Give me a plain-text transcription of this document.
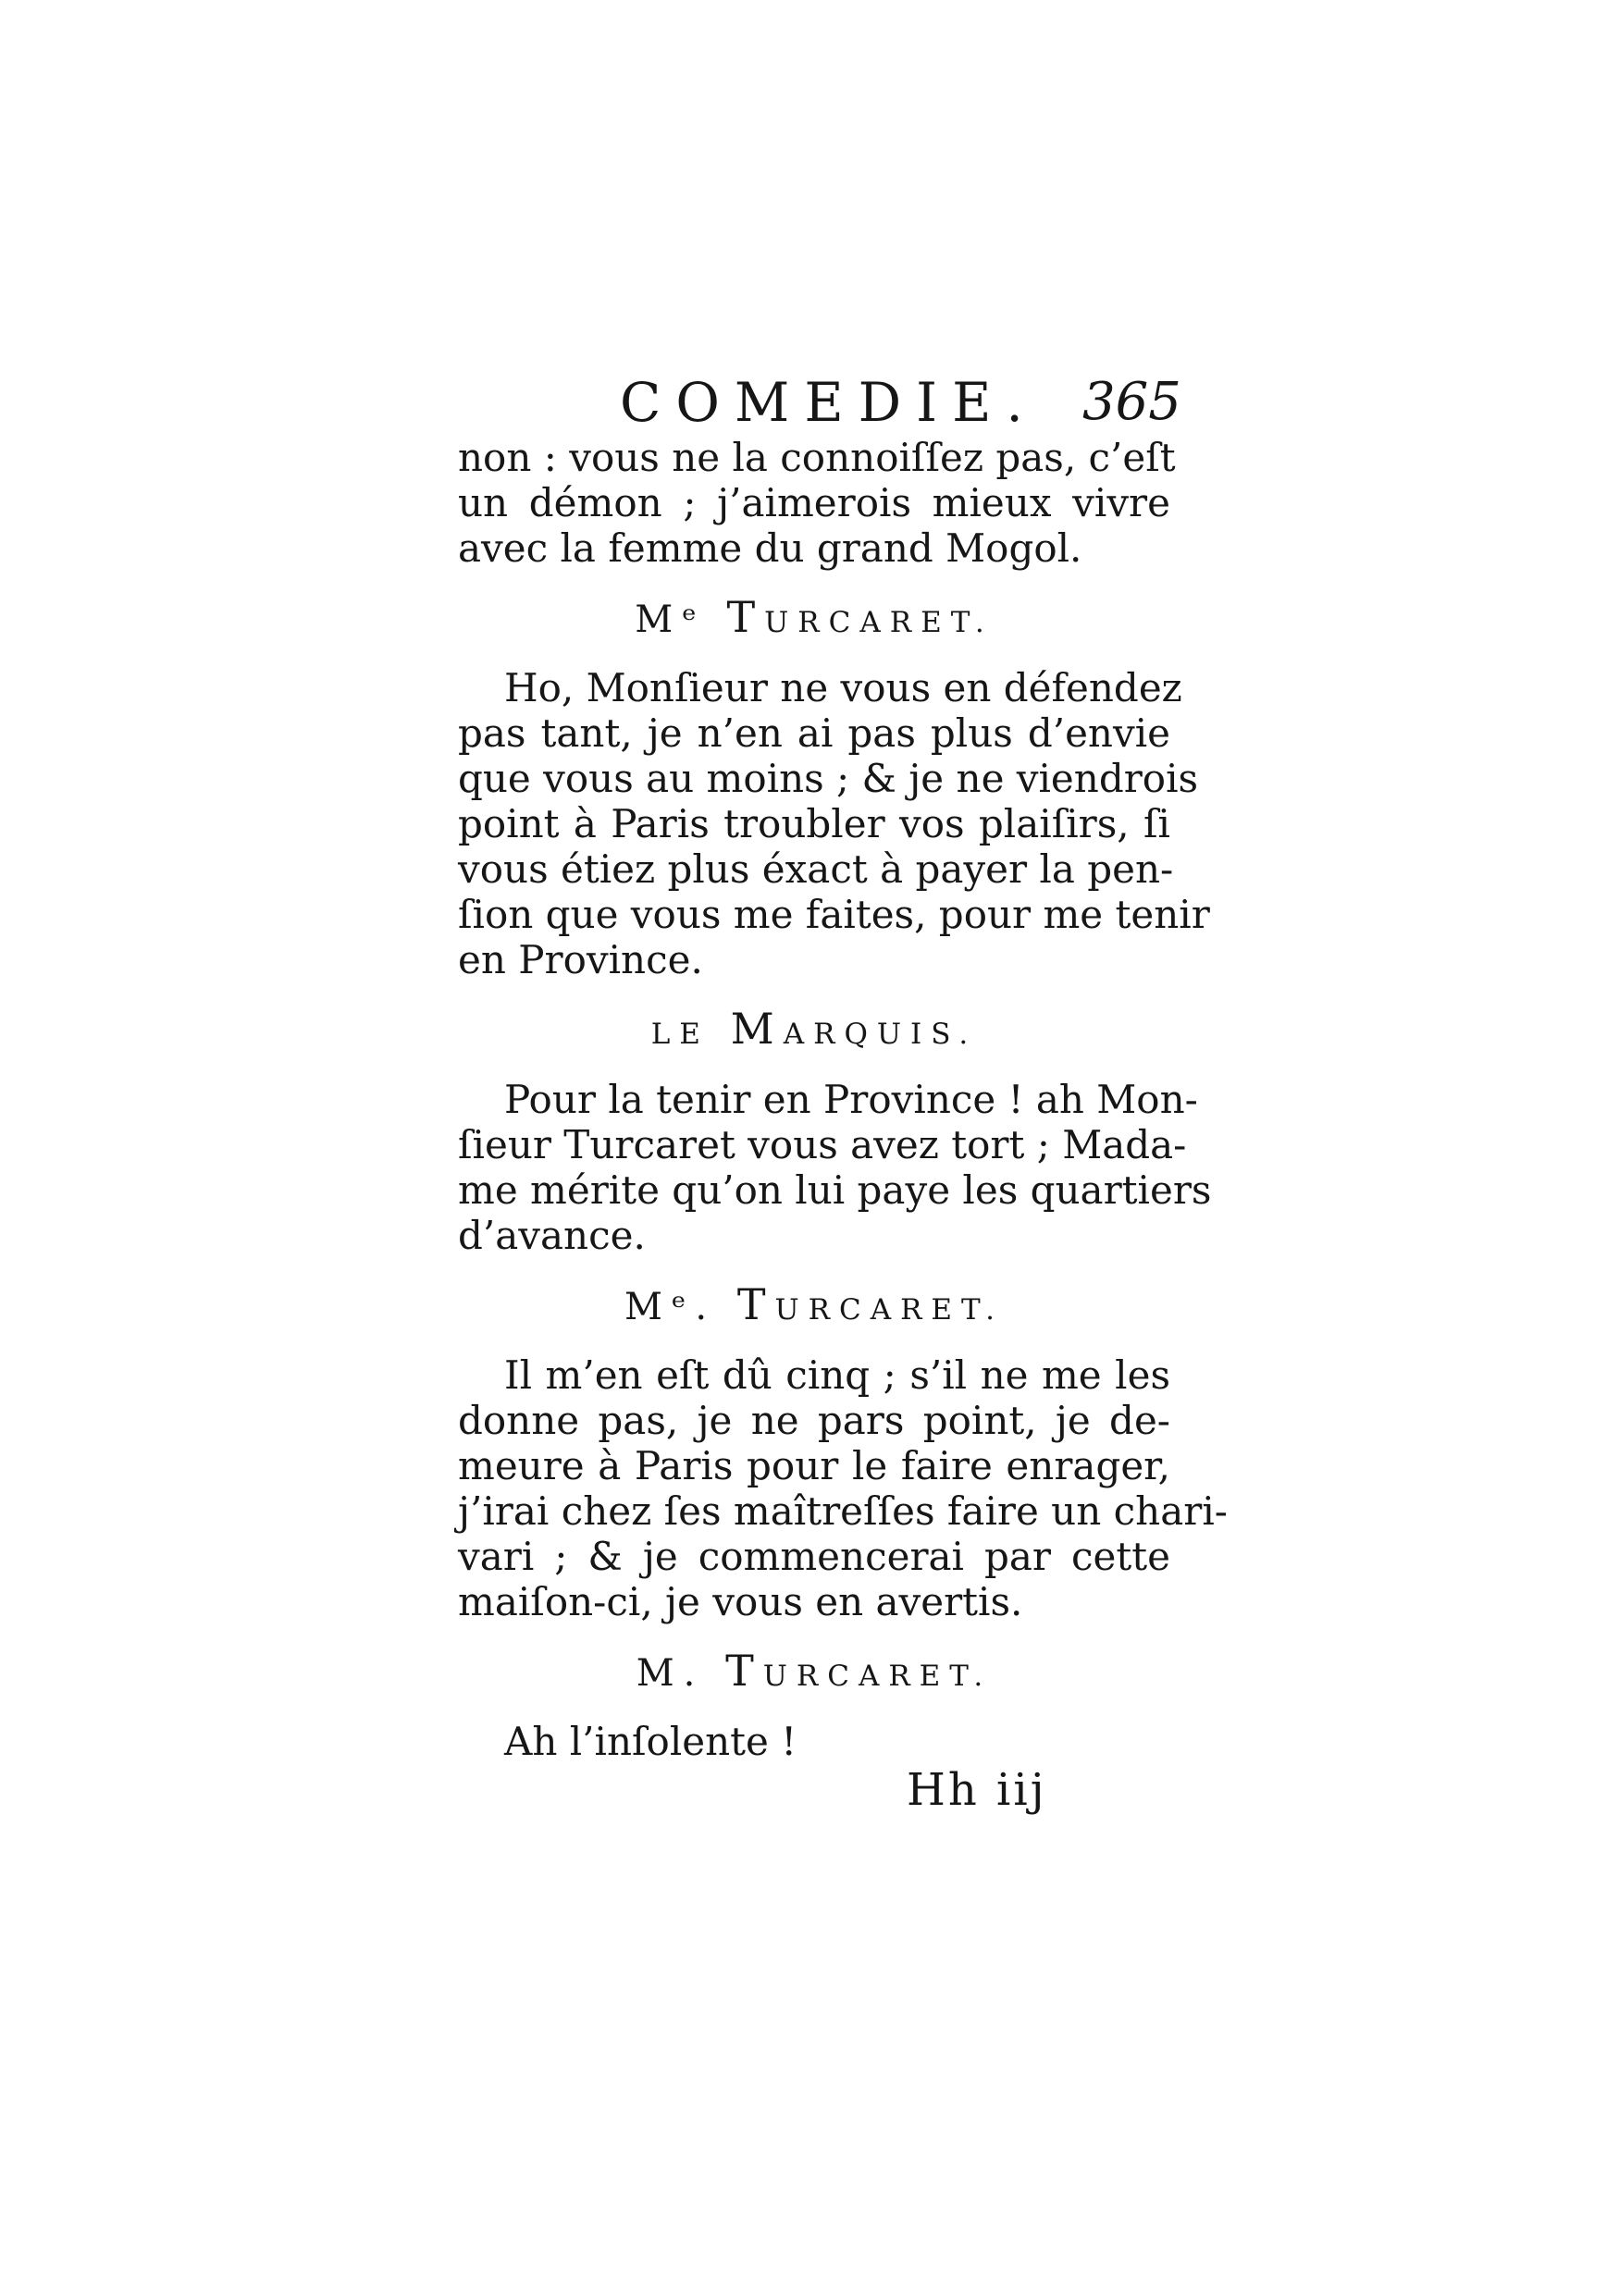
COMEDIE. 365
non : vous ne la connoiſſez pas, c’eſt
un démon ; j’aimerois mieux vivre
avec la femme du grand Mogol.
Mᵉ TURCARET.
Ho, Monſieur ne vous en défendez
pas tant, je n’en ai pas plus d’envie
que vous au moins ; & je ne viendrois
point à Paris troubler vos plaiſirs, ſi
vous étiez plus éxact à payer la pen-
ſion que vous me faites, pour me tenir
en Province.
LE MARQUIS.
Pour la tenir en Province ! ah Mon-
ſieur Turcaret vous avez tort ; Mada-
me mérite qu’on lui paye les quartiers
d’avance.
Mᵉ. TURCARET.
Il m’en eſt dû cinq ; s’il ne me les
donne pas, je ne pars point, je de-
meure à Paris pour le faire enrager,
j’irai chez ſes maîtreſſes faire un chari-
vari ; & je commencerai par cette
maiſon-ci, je vous en avertis.
M. TURCARET.
Ah l’inſolente !
Hh iij
